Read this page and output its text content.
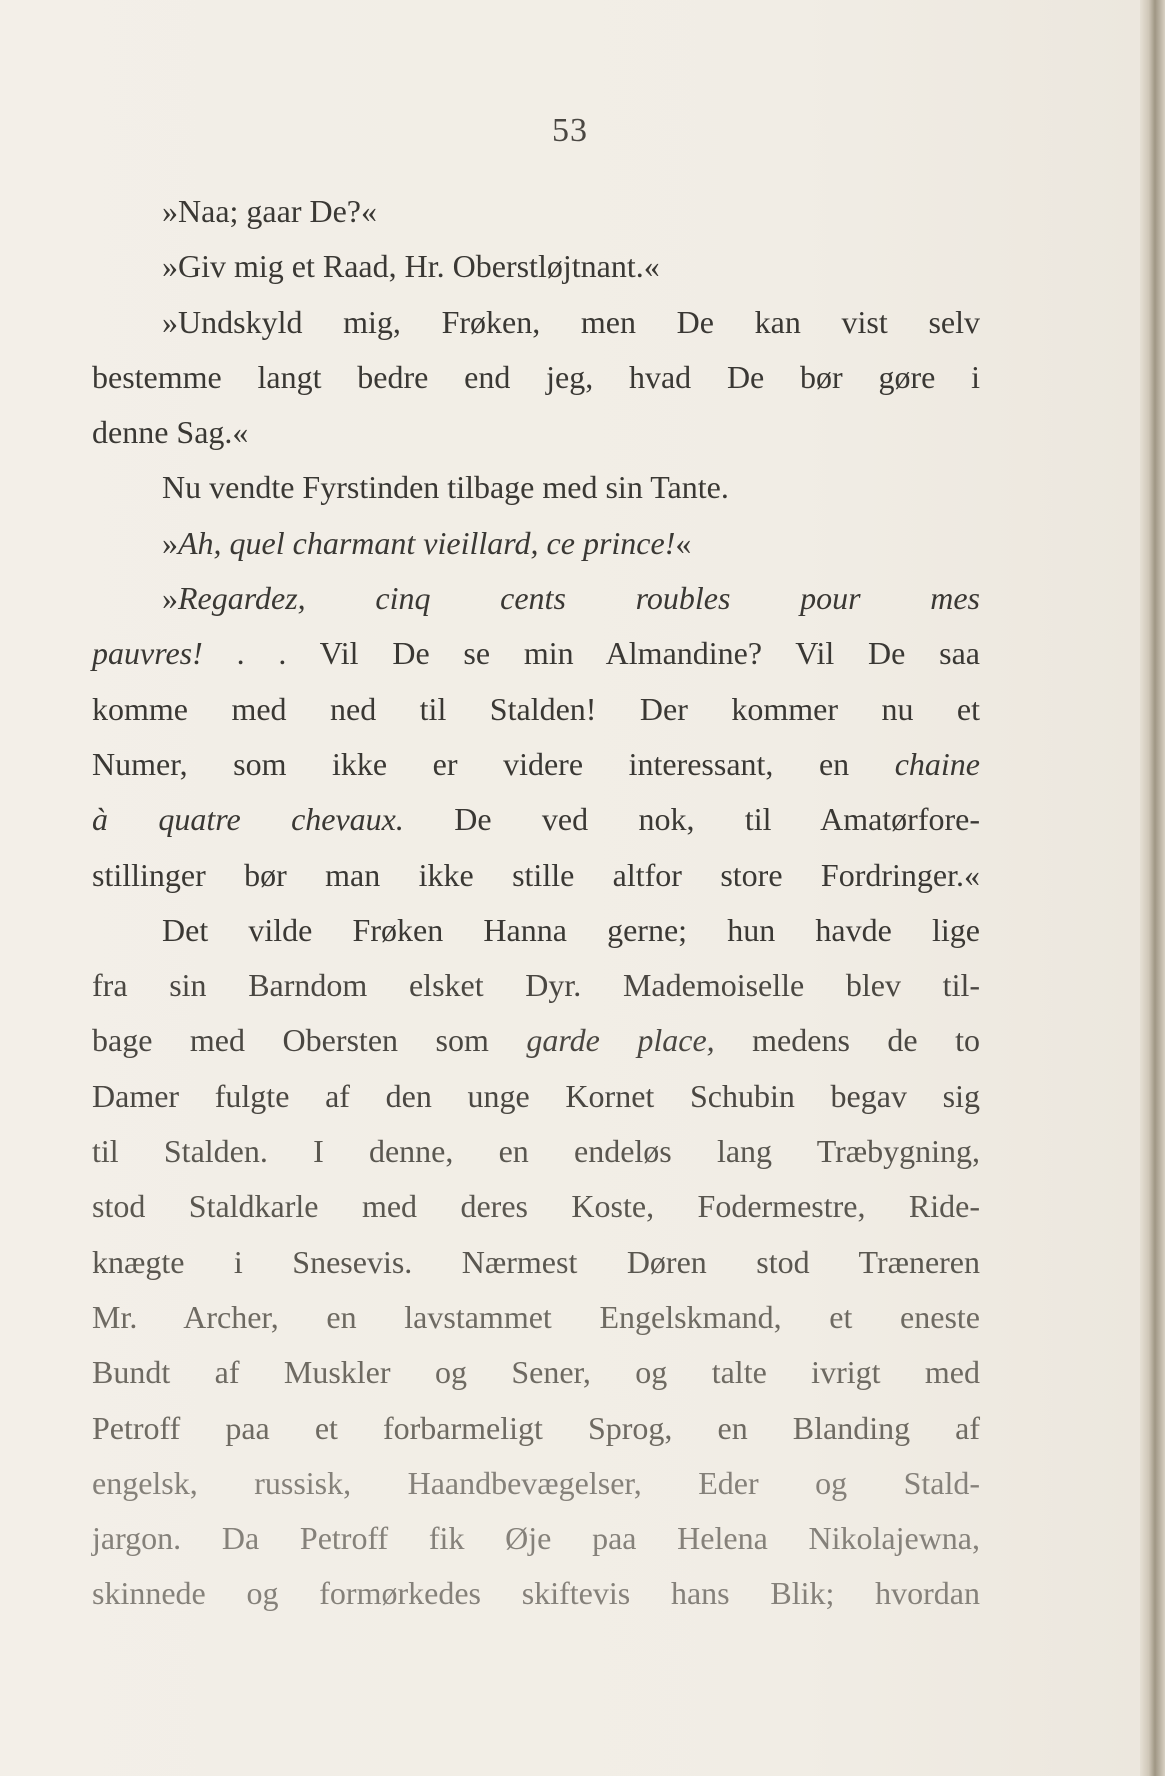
53
»Naa; gaar De?«
»Giv mig et Raad, Hr. Oberstløjtnant.«
»Undskyld mig, Frøken, men De kan vist selv
bestemme langt bedre end jeg, hvad De bør gøre i
denne Sag.«
Nu vendte Fyrstinden tilbage med sin Tante.
»Ah, quel charmant vieillard, ce prince!«
»Regardez, cinq cents roubles pour mes
pauvres! . . Vil De se min Almandine? Vil De saa
komme med ned til Stalden! Der kommer nu et
Numer, som ikke er videre interessant, en chaine
à quatre chevaux. De ved nok, til Amatørfore-
stillinger bør man ikke stille altfor store Fordringer.«
Det vilde Frøken Hanna gerne; hun havde lige
fra sin Barndom elsket Dyr. Mademoiselle blev til-
bage med Obersten som garde place, medens de to
Damer fulgte af den unge Kornet Schubin begav sig
til Stalden. I denne, en endeløs lang Træbygning,
stod Staldkarle med deres Koste, Fodermestre, Ride-
knægte i Snesevis. Nærmest Døren stod Træneren
Mr. Archer, en lavstammet Engelskmand, et eneste
Bundt af Muskler og Sener, og talte ivrigt med
Petroff paa et forbarmeligt Sprog, en Blanding af
engelsk, russisk, Haandbevægelser, Eder og Stald-
jargon. Da Petroff fik Øje paa Helena Nikolajewna,
skinnede og formørkedes skiftevis hans Blik; hvordan
